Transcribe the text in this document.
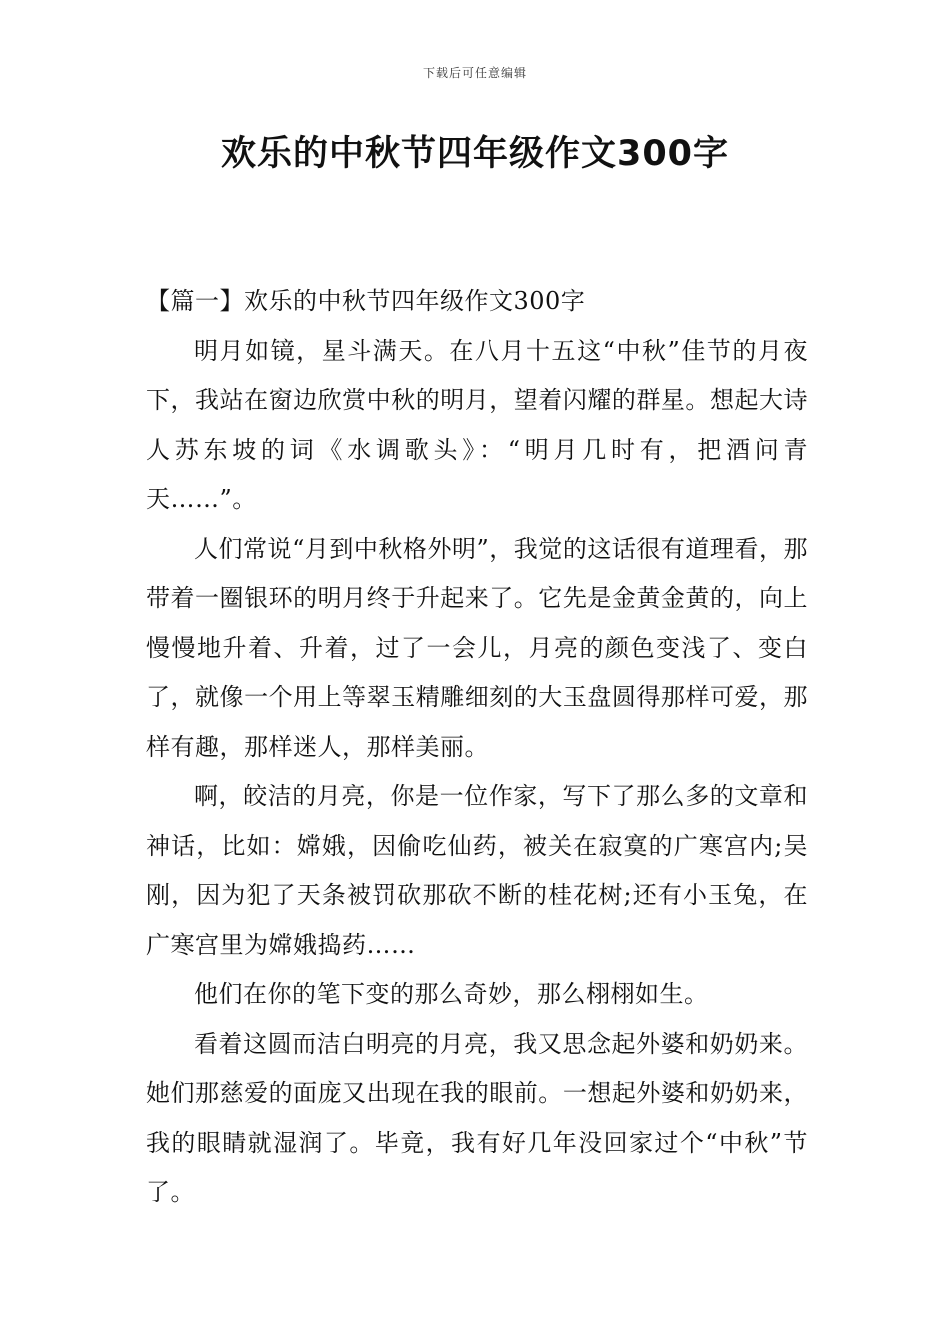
下载后可任意编辑
欢乐的中秋节四年级作文300字

【篇一】欢乐的中秋节四年级作文300字

明月如镜，星斗满天。在八月十五这“中秋”佳节的月夜下，我站在窗边欣赏中秋的明月，望着闪耀的群星。想起大诗人苏东坡的词《水调歌头》：“明月几时有，把酒问青天……”。

人们常说“月到中秋格外明”，我觉的这话很有道理看，那带着一圈银环的明月终于升起来了。它先是金黄金黄的，向上慢慢地升着、升着，过了一会儿，月亮的颜色变浅了、变白了，就像一个用上等翠玉精雕细刻的大玉盘圆得那样可爱，那样有趣，那样迷人，那样美丽。

啊，皎洁的月亮，你是一位作家，写下了那么多的文章和神话，比如：嫦娥，因偷吃仙药，被关在寂寞的广寒宫内;吴刚，因为犯了天条被罚砍那砍不断的桂花树;还有小玉兔，在广寒宫里为嫦娥捣药……

他们在你的笔下变的那么奇妙，那么栩栩如生。

看着这圆而洁白明亮的月亮，我又思念起外婆和奶奶来。她们那慈爱的面庞又出现在我的眼前。一想起外婆和奶奶来，我的眼睛就湿润了。毕竟，我有好几年没回家过个“中秋”节了。
